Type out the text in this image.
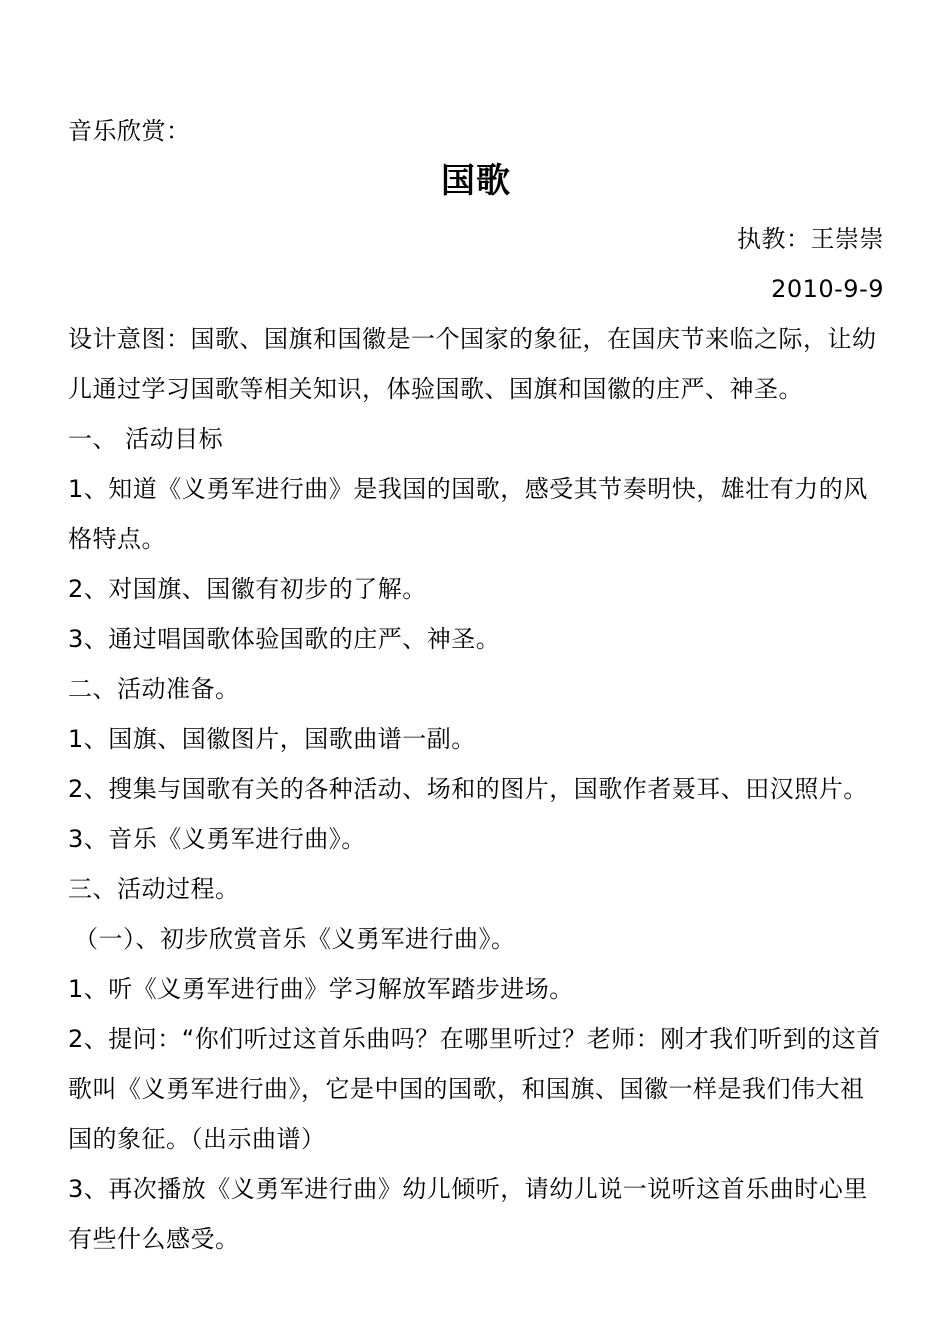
音乐欣赏：
国歌
执教：王崇崇
2010-9-9
设计意图：国歌、国旗和国徽是一个国家的象征，在国庆节来临之际，让幼儿通过学习国歌等相关知识，体验国歌、国旗和国徽的庄严、神圣。
一、 活动目标
1、知道《义勇军进行曲》是我国的国歌，感受其节奏明快，雄壮有力的风格特点。
2、对国旗、国徽有初步的了解。
3、通过唱国歌体验国歌的庄严、神圣。
二、活动准备。
1、国旗、国徽图片，国歌曲谱一副。
2、搜集与国歌有关的各种活动、场和的图片，国歌作者聂耳、田汉照片。
3、音乐《义勇军进行曲》。
三、活动过程。
（一）、初步欣赏音乐《义勇军进行曲》。
1、听《义勇军进行曲》学习解放军踏步进场。
2、提问：“你们听过这首乐曲吗？在哪里听过？老师：刚才我们听到的这首歌叫《义勇军进行曲》，它是中国的国歌，和国旗、国徽一样是我们伟大祖国的象征。（出示曲谱）
3、再次播放《义勇军进行曲》幼儿倾听，请幼儿说一说听这首乐曲时心里有些什么感受。
